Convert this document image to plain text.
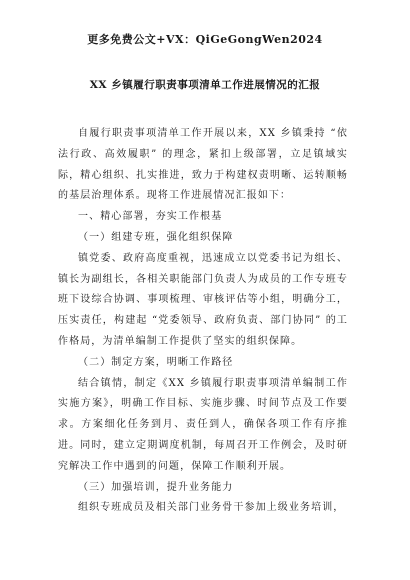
更多免费公文+VX：QiGeGongWen2024
XX 乡镇履行职责事项清单工作进展情况的汇报

自履行职责事项清单工作开展以来，XX 乡镇秉持 “依法行政、高效履职” 的理念，紧扣上级部署，立足镇域实际，精心组织、扎实推进，致力于构建权责明晰、运转顺畅的基层治理体系。现将工作进展情况汇报如下：

一、精心部署，夯实工作根基

（一）组建专班，强化组织保障

镇党委、政府高度重视，迅速成立以党委书记为组长、镇长为副组长，各相关职能部门负责人为成员的工作专班专班下设综合协调、事项梳理、审核评估等小组，明确分工，压实责任，构建起 “党委领导、政府负责、部门协同” 的工作格局，为清单编制工作提供了坚实的组织保障。

（二）制定方案，明晰工作路径

结合镇情，制定《XX 乡镇履行职责事项清单编制工作实施方案》，明确工作目标、实施步骤、时间节点及工作要求。方案细化任务到月、责任到人，确保各项工作有序推进。同时，建立定期调度机制，每周召开工作例会，及时研究解决工作中遇到的问题，保障工作顺利开展。

（三）加强培训，提升业务能力

组织专班成员及相关部门业务骨干参加上级业务培训，
